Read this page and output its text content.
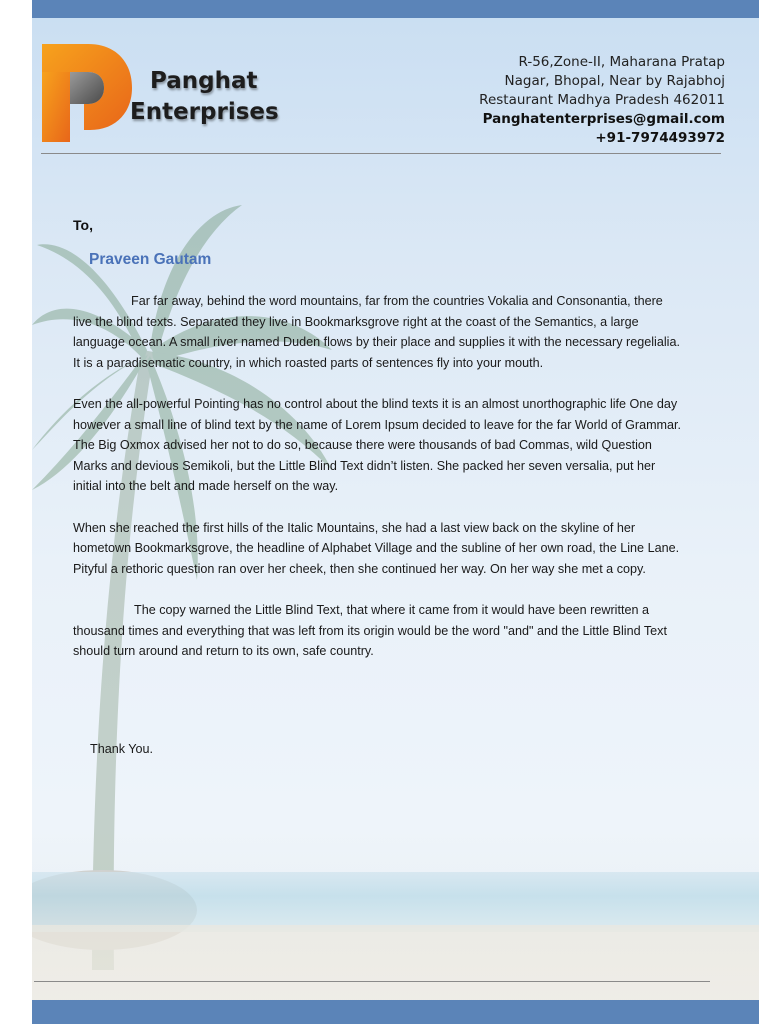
Panghat
Enterprises
R-56,Zone-II, Maharana Pratap
Nagar, Bhopal, Near by Rajabhoj
Restaurant Madhya Pradesh 462011
Panghatenterprises@gmail.com
+91-7974493972
To,
Praveen Gautam

Far far away, behind the word mountains, far from the countries Vokalia and Consonantia, there live the blind texts. Separated they live in Bookmarksgrove right at the coast of the Semantics, a large language ocean. A small river named Duden flows by their place and supplies it with the necessary regelialia. It is a paradisematic country, in which roasted parts of sentences fly into your mouth.

Even the all-powerful Pointing has no control about the blind texts it is an almost unorthographic life One day however a small line of blind text by the name of Lorem Ipsum decided to leave for the far World of Grammar. The Big Oxmox advised her not to do so, because there were thousands of bad Commas, wild Question Marks and devious Semikoli, but the Little Blind Text didn’t listen. She packed her seven versalia, put her initial into the belt and made herself on the way.

When she reached the first hills of the Italic Mountains, she had a last view back on the skyline of her hometown Bookmarksgrove, the headline of Alphabet Village and the subline of her own road, the Line Lane. Pityful a rethoric question ran over her cheek, then she continued her way. On her way she met a copy.

The copy warned the Little Blind Text, that where it came from it would have been rewritten a thousand times and everything that was left from its origin would be the word "and" and the Little Blind Text should turn around and return to its own, safe country.

Thank You.
